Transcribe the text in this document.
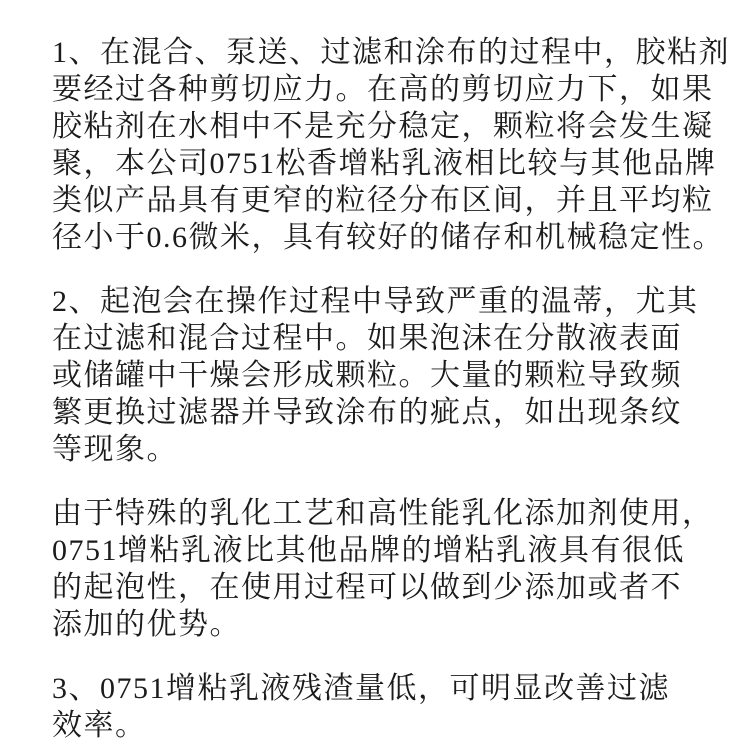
1、在混合、泵送、过滤和涂布的过程中，胶粘剂
要经过各种剪切应力。在高的剪切应力下，如果
胶粘剂在水相中不是充分稳定，颗粒将会发生凝
聚，本公司0751松香增粘乳液相比较与其他品牌
类似产品具有更窄的粒径分布区间，并且平均粒
径小于0.6微米，具有较好的储存和机械稳定性。
2、起泡会在操作过程中导致严重的温蒂，尤其
在过滤和混合过程中。如果泡沫在分散液表面
或储罐中干燥会形成颗粒。大量的颗粒导致频
繁更换过滤器并导致涂布的疵点，如出现条纹
等现象。
由于特殊的乳化工艺和高性能乳化添加剂使用，
0751增粘乳液比其他品牌的增粘乳液具有很低
的起泡性，在使用过程可以做到少添加或者不
添加的优势。
3、0751增粘乳液残渣量低，可明显改善过滤
效率。
